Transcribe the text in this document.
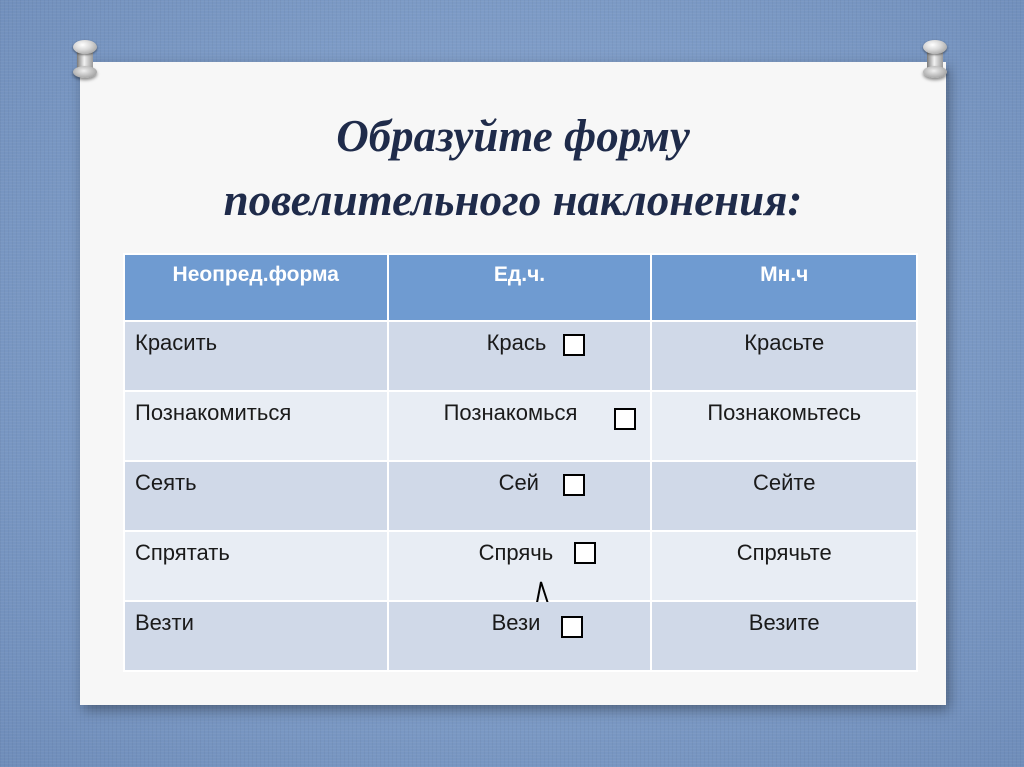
Образуйте форму
повелительного наклонения:
Неопред.форма	Ед.ч.	Мн.ч
Красить	Крась	Красьте
Познакомиться	Познакомься	Познакомьтесь
Сеять	Сей	Сейте
Спрятать	Спрячь	Спрячьте
Везти	Вези	Везите
